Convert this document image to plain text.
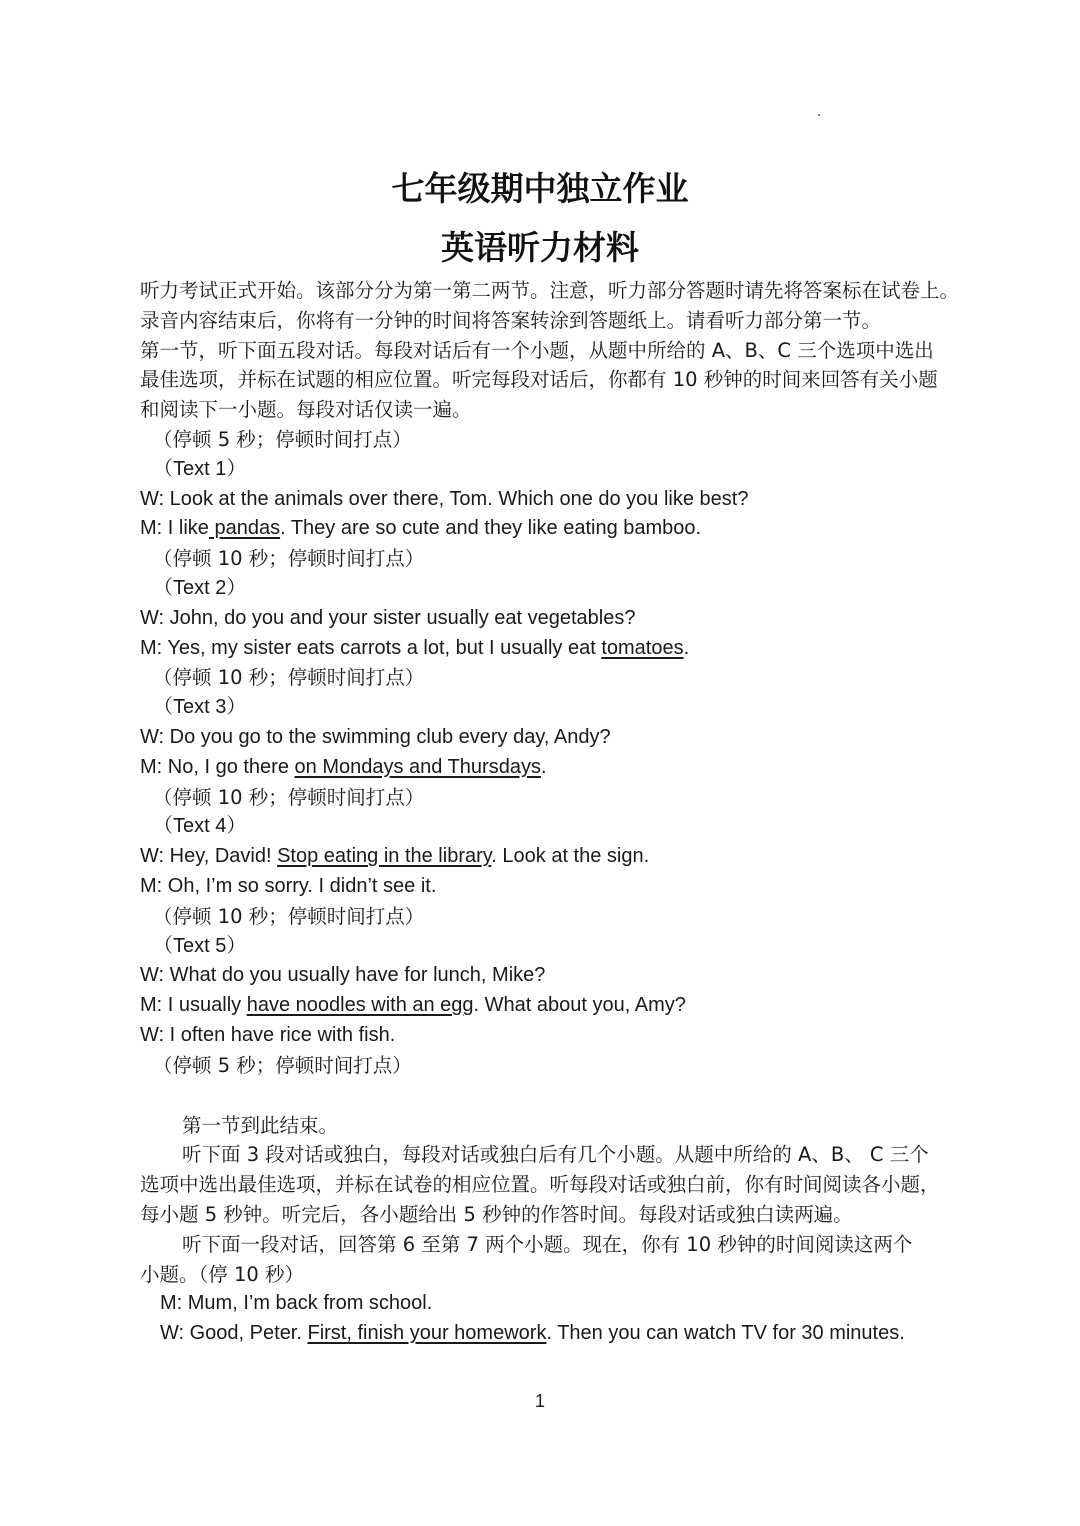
七年级期中独立作业
英语听力材料
听力考试正式开始。该部分分为第一第二两节。注意，听力部分答题时请先将答案标在试卷上。
录音内容结束后，你将有一分钟的时间将答案转涂到答题纸上。请看听力部分第一节。
第一节，听下面五段对话。每段对话后有一个小题，从题中所给的 A、B、C 三个选项中选出
最佳选项，并标在试题的相应位置。听完每段对话后，你都有 10 秒钟的时间来回答有关小题
和阅读下一小题。每段对话仅读一遍。
（停顿 5 秒；停顿时间打点）
（Text 1）
W: Look at the animals over there, Tom. Which one do you like best?
M: I like pandas. They are so cute and they like eating bamboo.
（停顿 10 秒；停顿时间打点）
（Text 2）
W: John, do you and your sister usually eat vegetables?
M: Yes, my sister eats carrots a lot, but I usually eat tomatoes.
（停顿 10 秒；停顿时间打点）
（Text 3）
W: Do you go to the swimming club every day, Andy?
M: No, I go there on Mondays and Thursdays.
（停顿 10 秒；停顿时间打点）
（Text 4）
W: Hey, David! Stop eating in the library. Look at the sign.
M: Oh, I’m so sorry. I didn’t see it.
（停顿 10 秒；停顿时间打点）
（Text 5）
W: What do you usually have for lunch, Mike?
M: I usually have noodles with an egg. What about you, Amy?
W: I often have rice with fish.
（停顿 5 秒；停顿时间打点）
第一节到此结束。
听下面 3 段对话或独白，每段对话或独白后有几个小题。从题中所给的 A、B、 C 三个
选项中选出最佳选项，并标在试卷的相应位置。听每段对话或独白前，你有时间阅读各小题，
每小题 5 秒钟。听完后，各小题给出 5 秒钟的作答时间。每段对话或独白读两遍。
听下面一段对话，回答第 6 至第 7 两个小题。现在，你有 10 秒钟的时间阅读这两个
小题。（停 10 秒）
M: Mum, I’m back from school.
W: Good, Peter. First, finish your homework. Then you can watch TV for 30 minutes.
1
